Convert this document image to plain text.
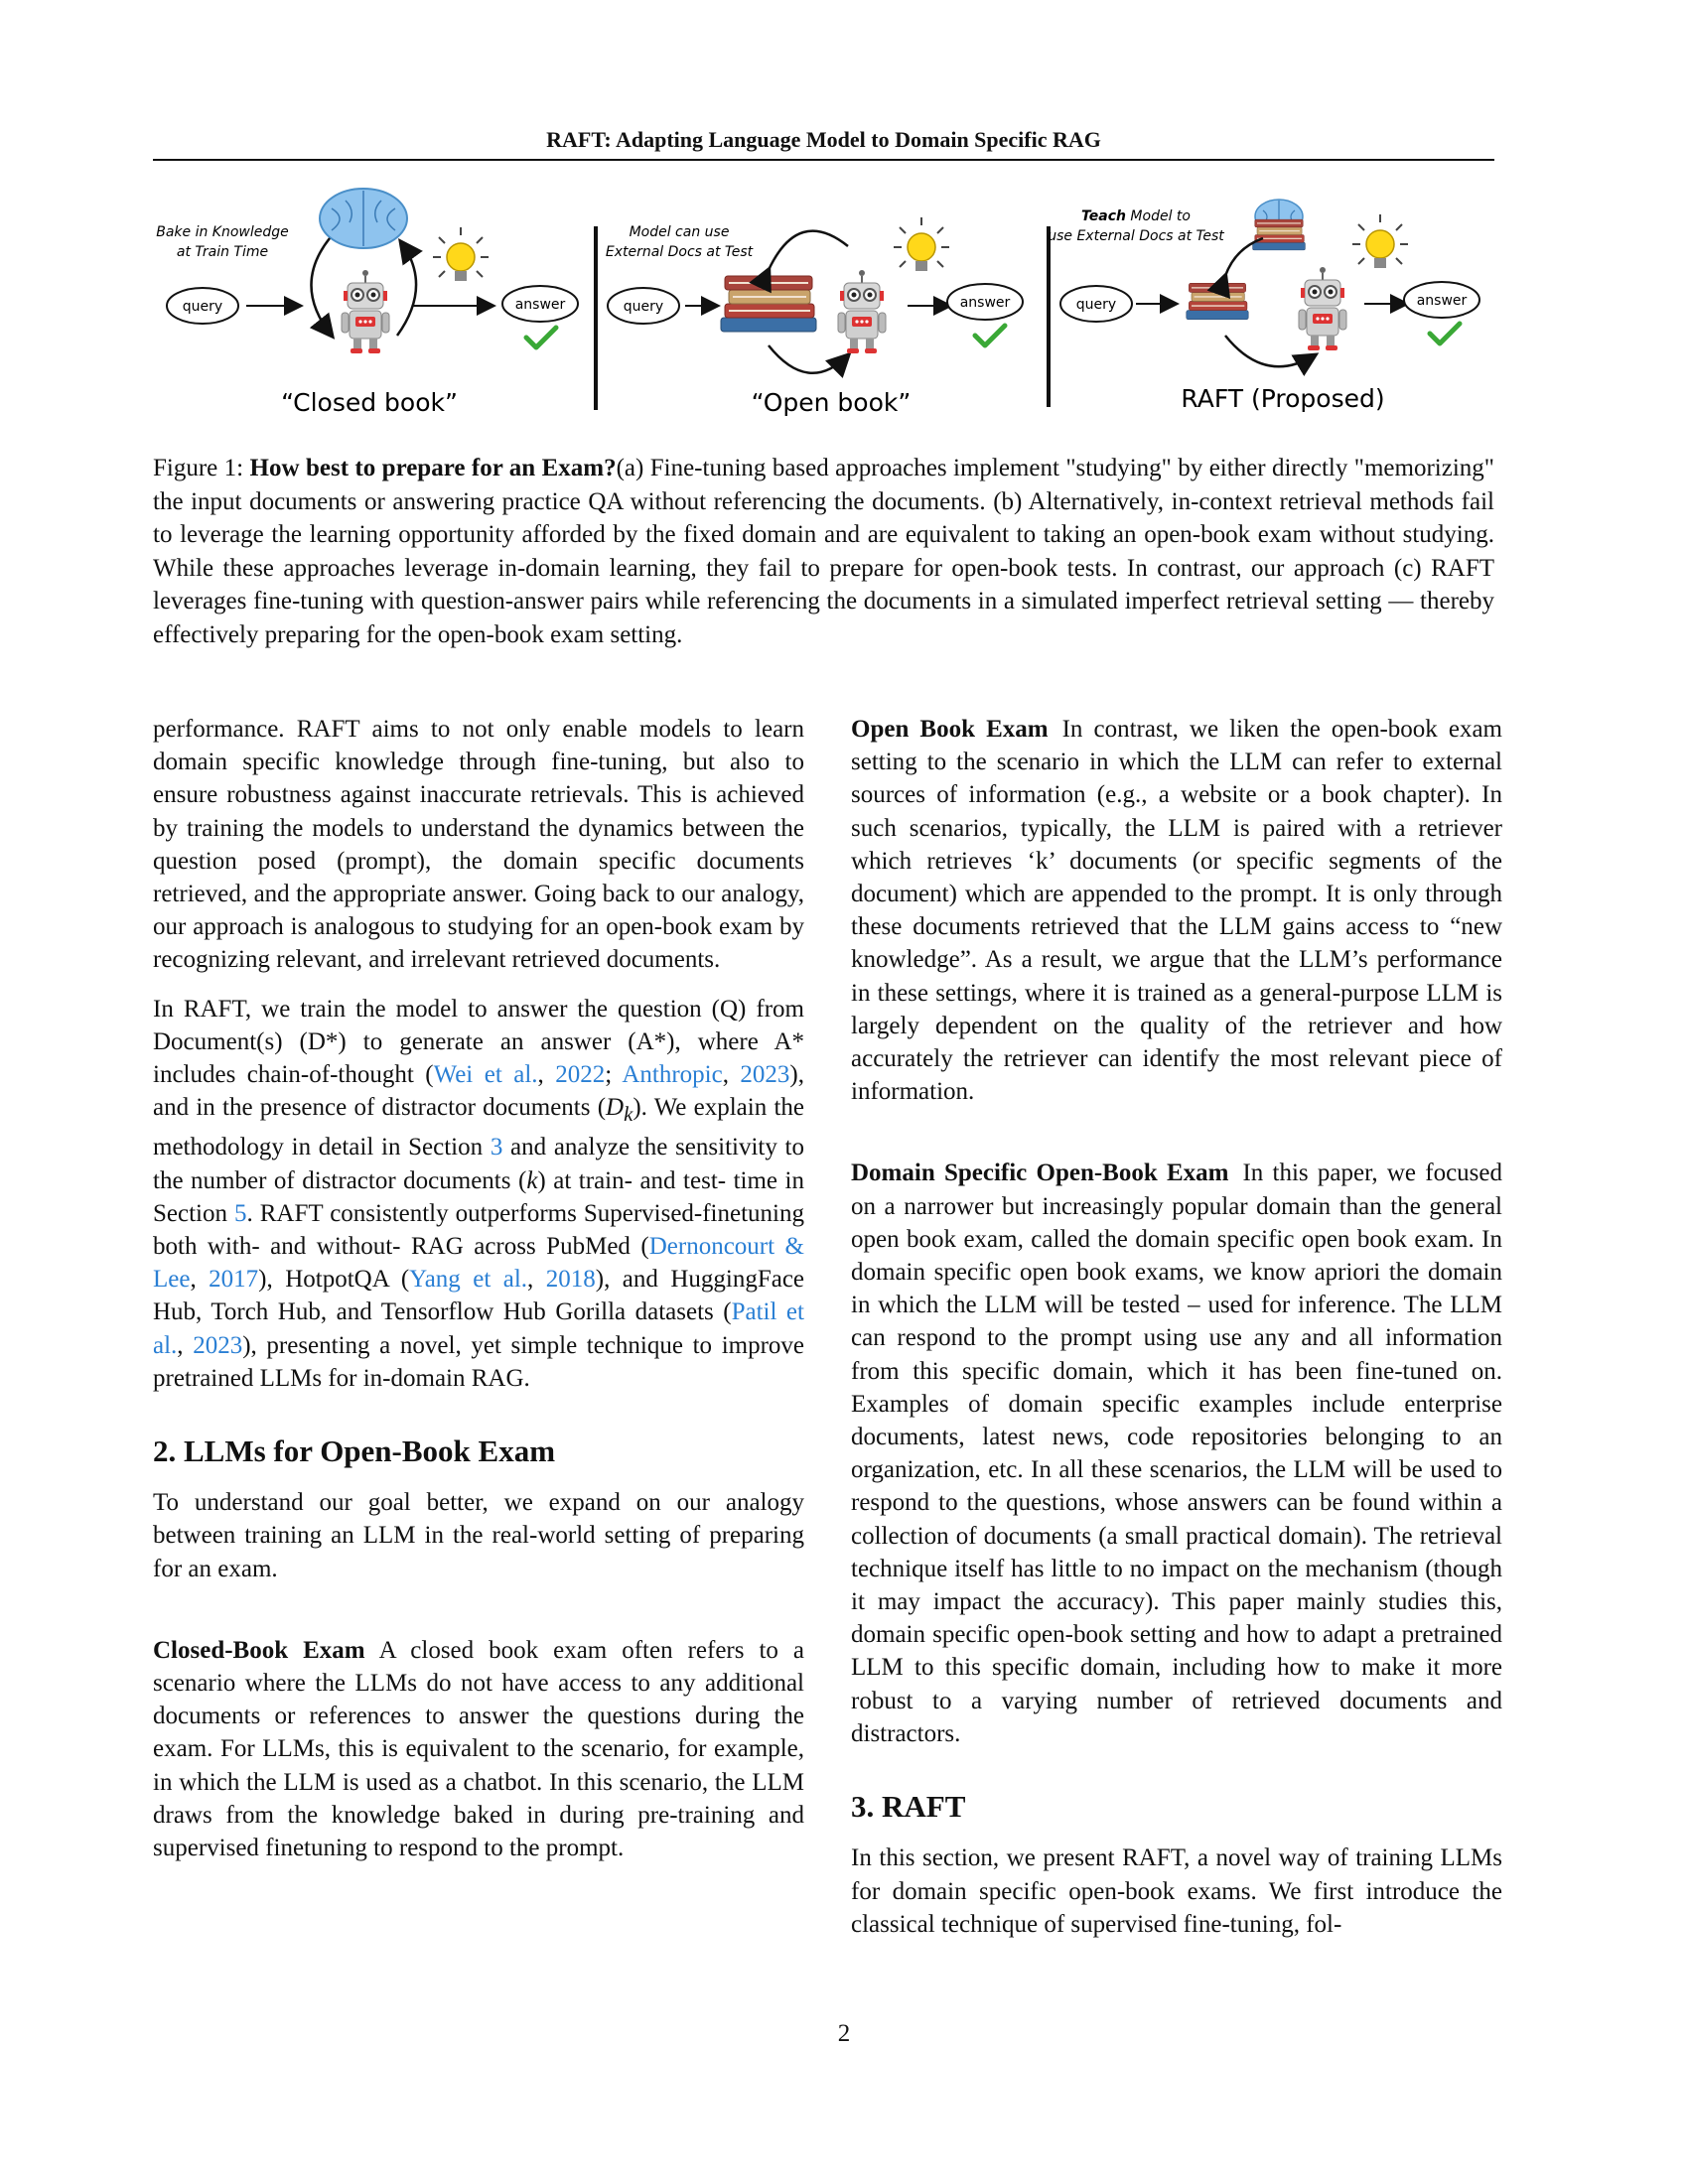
RAFT: Adapting Language Model to Domain Specific RAG
Bake in Knowledge
at Train Time
query	answer
“Closed book”
Model can use
External Docs at Test
query	answer
“Open book”
Teach Model to
use External Docs at Test
query	answer
RAFT (Proposed)
Figure 1: How best to prepare for an Exam?(a) Fine-tuning based approaches implement "studying" by either directly "memorizing" the input documents or answering practice QA without referencing the documents. (b) Alternatively, in-context retrieval methods fail to leverage the learning opportunity afforded by the fixed domain and are equivalent to taking an open-book exam without studying. While these approaches leverage in-domain learning, they fail to prepare for open-book tests. In contrast, our approach (c) RAFT leverages fine-tuning with question-answer pairs while referencing the documents in a simulated imperfect retrieval setting — thereby effectively preparing for the open-book exam setting.

performance. RAFT aims to not only enable models to learn domain specific knowledge through fine-tuning, but also to ensure robustness against inaccurate retrievals. This is achieved by training the models to understand the dynamics between the question posed (prompt), the domain specific documents retrieved, and the appropriate answer. Going back to our analogy, our approach is analogous to studying for an open-book exam by recognizing relevant, and irrelevant retrieved documents.

In RAFT, we train the model to answer the question (Q) from Document(s) (D*) to generate an answer (A*), where A* includes chain-of-thought (Wei et al., 2022; Anthropic, 2023), and in the presence of distractor documents $(D_k)$. We explain the methodology in detail in Section 3 and analyze the sensitivity to the number of distractor documents (k) at train- and test- time in Section 5. RAFT consistently outperforms Supervised-finetuning both with- and without- RAG across PubMed (Dernoncourt & Lee, 2017), HotpotQA (Yang et al., 2018), and HuggingFace Hub, Torch Hub, and Tensorflow Hub Gorilla datasets (Patil et al., 2023), presenting a novel, yet simple technique to improve pretrained LLMs for in-domain RAG.

2. LLMs for Open-Book Exam

To understand our goal better, we expand on our analogy between training an LLM in the real-world setting of preparing for an exam.

Closed-Book Exam A closed book exam often refers to a scenario where the LLMs do not have access to any additional documents or references to answer the questions during the exam. For LLMs, this is equivalent to the scenario, for example, in which the LLM is used as a chatbot. In this scenario, the LLM draws from the knowledge baked in during pre-training and supervised finetuning to respond to the prompt.

Open Book Exam In contrast, we liken the open-book exam setting to the scenario in which the LLM can refer to external sources of information (e.g., a website or a book chapter). In such scenarios, typically, the LLM is paired with a retriever which retrieves ‘k’ documents (or specific segments of the document) which are appended to the prompt. It is only through these documents retrieved that the LLM gains access to “new knowledge”. As a result, we argue that the LLM’s performance in these settings, where it is trained as a general-purpose LLM is largely dependent on the quality of the retriever and how accurately the retriever can identify the most relevant piece of information.

Domain Specific Open-Book Exam In this paper, we focused on a narrower but increasingly popular domain than the general open book exam, called the domain specific open book exam. In domain specific open book exams, we know apriori the domain in which the LLM will be tested – used for inference. The LLM can respond to the prompt using use any and all information from this specific domain, which it has been fine-tuned on. Examples of domain specific examples include enterprise documents, latest news, code repositories belonging to an organization, etc. In all these scenarios, the LLM will be used to respond to the questions, whose answers can be found within a collection of documents (a small practical domain). The retrieval technique itself has little to no impact on the mechanism (though it may impact the accuracy). This paper mainly studies this, domain specific open-book setting and how to adapt a pretrained LLM to this specific domain, including how to make it more robust to a varying number of retrieved documents and distractors.

3. RAFT

In this section, we present RAFT, a novel way of training LLMs for domain specific open-book exams. We first introduce the classical technique of supervised fine-tuning, fol-

2
